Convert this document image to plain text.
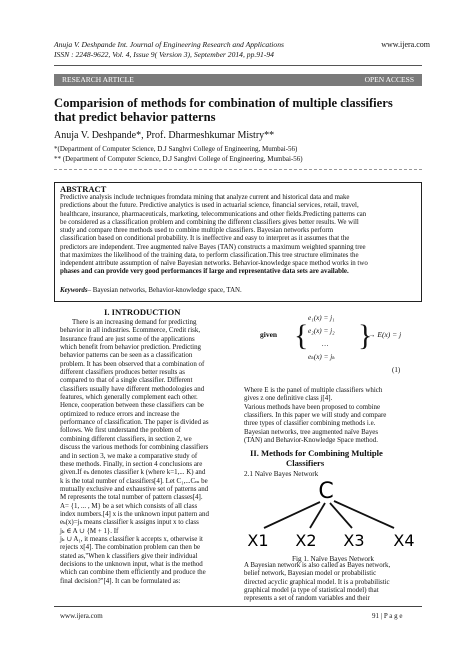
Anuja V. Deshpande Int. Journal of Engineering Research and Applications
ISSN : 2248-9622, Vol. 4, Issue 9( Version 3), September 2014, pp.91-94
www.ijera.com
RESEARCH ARTICLE	OPEN ACCESS
Comparision of methods for combination of multiple classifiers
that predict behavior patterns
Anuja V. Deshpande*, Prof. Dharmeshkumar Mistry**
*(Department of Computer Science, D.J Sanghvi College of Engineering, Mumbai-56)
** (Department of Computer Science, D.J Sanghvi College of Engineering, Mumbai-56)
ABSTRACT
Predictive analysis include techniques fromdata mining that analyze current and historical data and make
predictions about the future. Predictive analytics is used in actuarial science, financial services, retail, travel,
healthcare, insurance, pharmaceuticals, marketing, telecommunications and other fields.Predicting patterns can
be considered as a classification problem and combining the different classifiers gives better results. We will
study and compare three methods used to combine multiple classifiers. Bayesian networks perform
classification based on conditional probability. It is ineffective and easy to interpret as it assumes that the
predictors are independent. Tree augmented naïve Bayes (TAN) constructs a maximum weighted spanning tree
that maximizes the likelihood of the training data, to perform classification.This tree structure eliminates the
independent attribute assumption of naïve Bayesian networks. Behavior-knowledge space method works in two
phases and can provide very good performances if large and representative data sets are available.
Keywords– Bayesian networks, Behavior-knowledge space, TAN.
I. INTRODUCTION
There is an increasing demand for predicting
behavior in all industries. Ecommerce, Credit risk,
Insurance fraud are just some of the applications
which benefit from behavior prediction. Predicting
behavior patterns can be seen as a classification
problem. It has been observed that a combination of
different classifiers produces better results as
compared to that of a single classifier. Different
classifiers usually have different methodologies and
features, which generally complement each other.
Hence, cooperation between these classifiers can be
optimized to reduce errors and increase the
performance of classification. The paper is divided as
follows. We first understand the problem of
combining different classifiers, in section 2, we
discuss the various methods for combining classifiers
and in section 3, we make a comparative study of
these methods. Finally, in section 4 conclusions are
given.If eₖ denotes classifier k (where k=1,... K) and
k is the total number of classifiers[4]. Let C₁,...Cₘ be
mutually exclusive and exhaustive set of patterns and
M represents the total number of pattern classes[4].
A= {1, ... , M} be a set which consists of all class
index numbers.[4] x is the unknown input pattern and
eₖ(x)=jₖ means classifier k assigns input x to class
jₖ ∈ A ∪ {M + 1}. If
jₖ ∪ A₁, it means classifier k accepts x, otherwise it
rejects x[4]. The combination problem can then be
stated as,"When k classifiers give their individual
decisions to the unknown input, what is the method
which can combine them efficiently and produce the
final decision?"[4]. It can be formulated as:
given {
e₁(x) = j₁
e₂(x) = j₂
…
eₖ(x) = jₖ
}
→ E(x) = j
(1)
Where E is the panel of multiple classifiers which
gives z one definitive class j[4].
Various methods have been proposed to combine
classifiers. In this paper we will study and compare
three types of classifier combining methods i.e.
Bayesian networks, tree augmented naïve Bayes
(TAN) and Behavior-Knowledge Space method.
II. Methods for Combining Multiple
Classifiers
2.1 Naïve Bayes Network
C
X1 X2 X3 X4
Fig 1. Naïve Bayes Network
A Bayesian network is also called as Bayes network,
belief network, Bayesian model or probabilistic
directed acyclic graphical model. It is a probabilistic
graphical model (a type of statistical model) that
represents a set of random variables and their
www.ijera.com	91 | P a g e
